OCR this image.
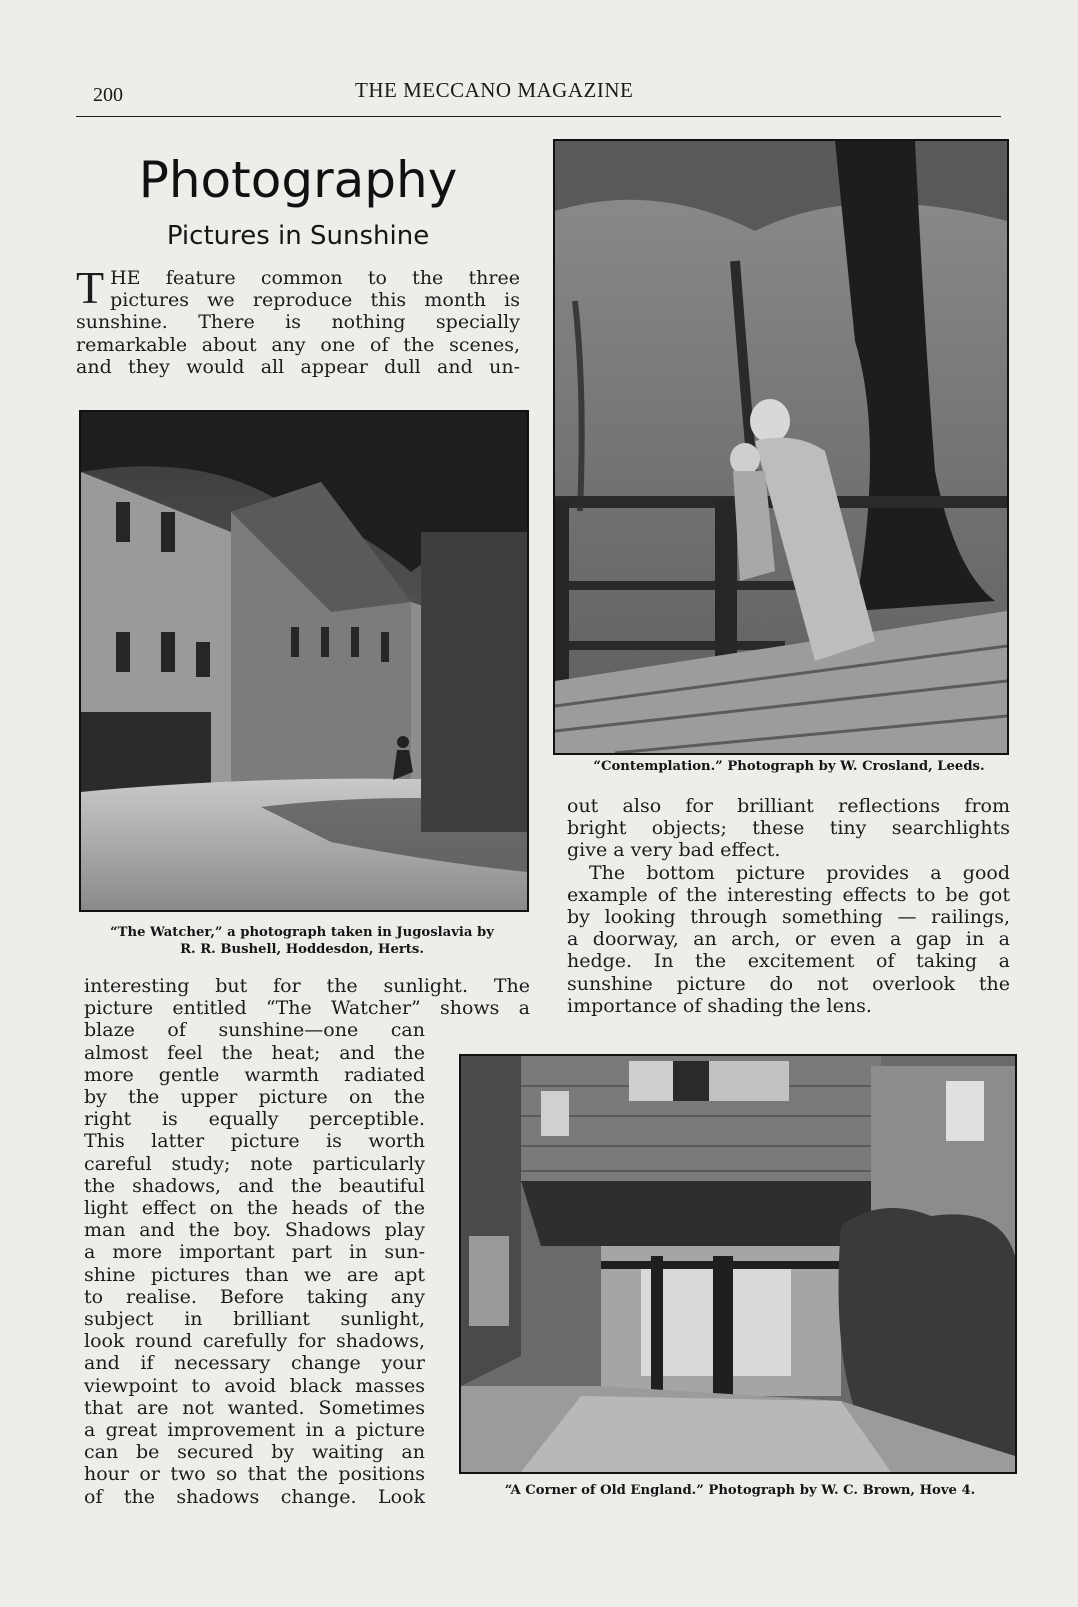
200	THE MECCANO MAGAZINE
Photography
Pictures in Sunshine
T HE feature common to the three
pictures we reproduce this month is
sunshine. There is nothing specially
remarkable about any one of the scenes,
and they would all appear dull and un-
“The Watcher,” a photograph taken in Jugoslavia by
R. R. Bushell, Hoddesdon, Herts.
“Contemplation.” Photograph by W. Crosland, Leeds.
interesting but for the sunlight. The
picture entitled “The Watcher” shows a
blaze of sunshine—one can
almost feel the heat; and the
more gentle warmth radiated
by the upper picture on the
right is equally perceptible.
This latter picture is worth
careful study; note particularly
the shadows, and the beautiful
light effect on the heads of the
man and the boy. Shadows play
a more important part in sun-
shine pictures than we are apt
to realise. Before taking any
subject in brilliant sunlight,
look round carefully for shadows,
and if necessary change your
viewpoint to avoid black masses
that are not wanted. Sometimes
a great improvement in a picture
can be secured by waiting an
hour or two so that the positions
of the shadows change. Look
out also for brilliant reflections from
bright objects; these tiny searchlights
give a very bad effect.
The bottom picture provides a good
example of the interesting effects to be got
by looking through something — railings,
a doorway, an arch, or even a gap in a
hedge. In the excitement of taking a
sunshine picture do not overlook the
importance of shading the lens.
“A Corner of Old England.” Photograph by W. C. Brown, Hove 4.
